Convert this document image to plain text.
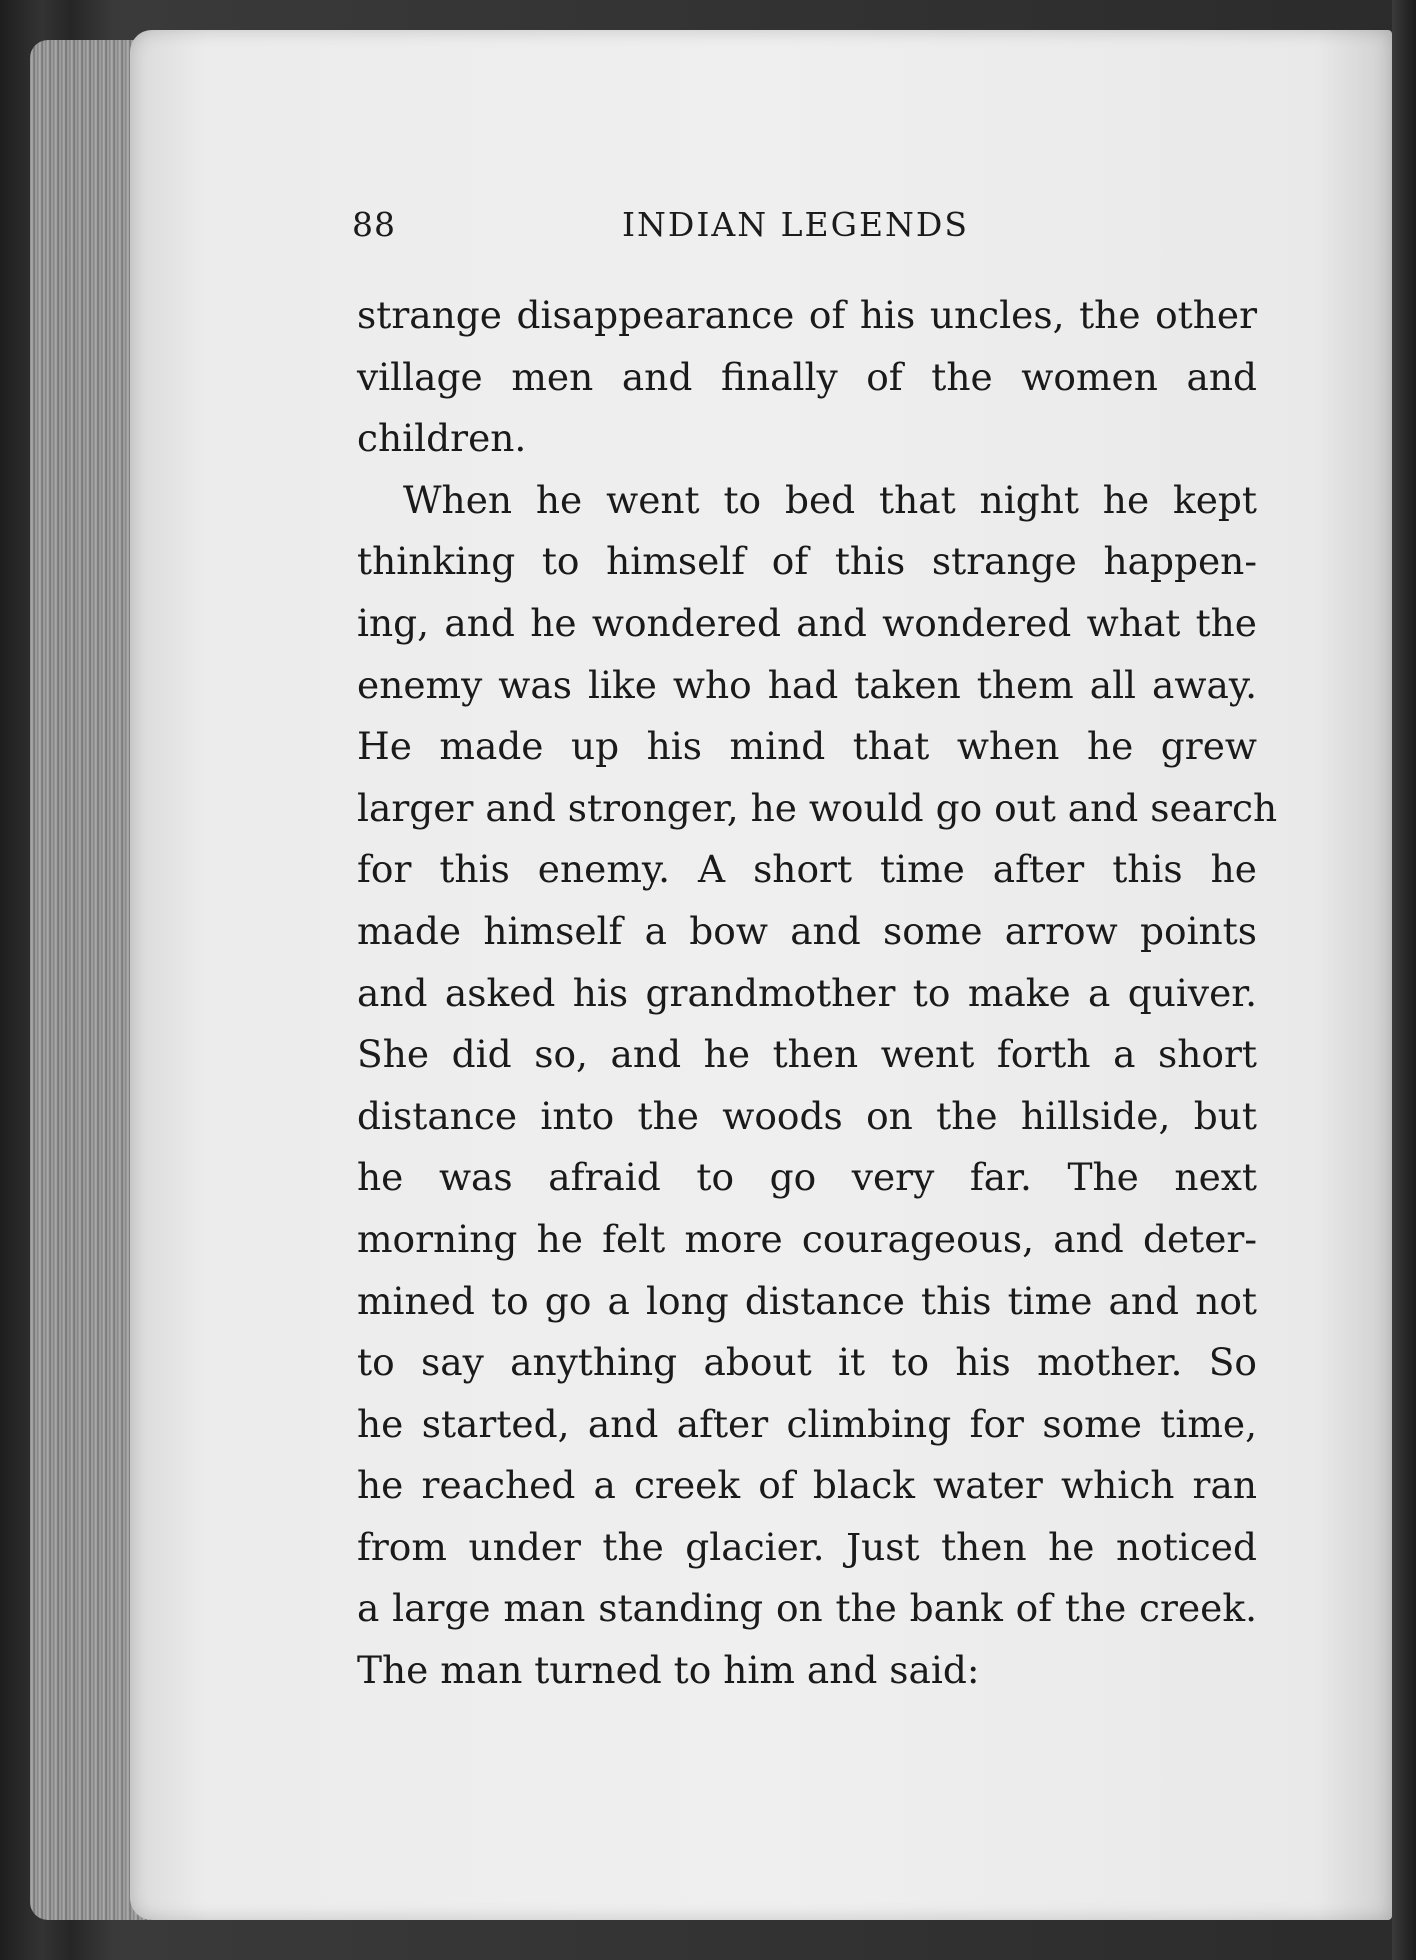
88	INDIAN LEGENDS
strange disappearance of his uncles, the other
village men and finally of the women and
children.
When he went to bed that night he kept
thinking to himself of this strange happen-
ing, and he wondered and wondered what the
enemy was like who had taken them all away.
He made up his mind that when he grew
larger and stronger, he would go out and search
for this enemy. A short time after this he
made himself a bow and some arrow points
and asked his grandmother to make a quiver.
She did so, and he then went forth a short
distance into the woods on the hillside, but
he was afraid to go very far. The next
morning he felt more courageous, and deter-
mined to go a long distance this time and not
to say anything about it to his mother. So
he started, and after climbing for some time,
he reached a creek of black water which ran
from under the glacier. Just then he noticed
a large man standing on the bank of the creek.
The man turned to him and said:
